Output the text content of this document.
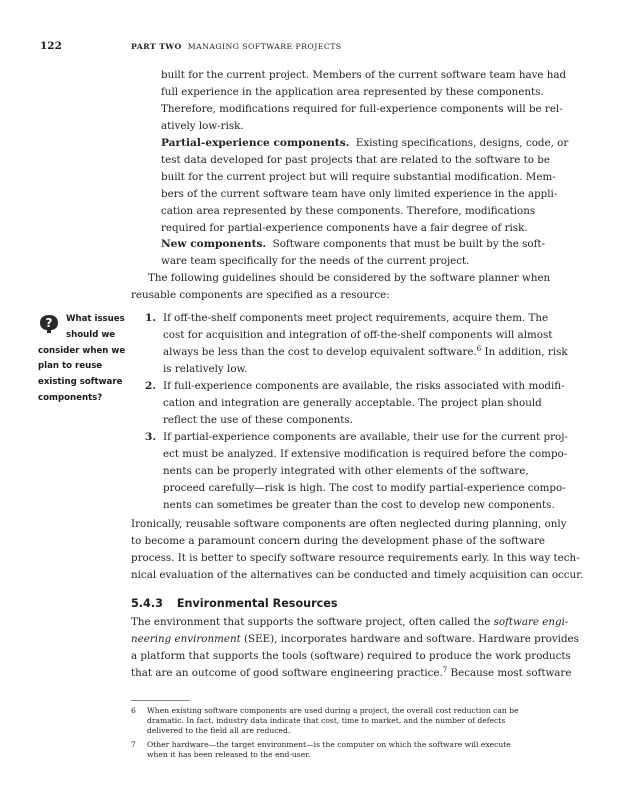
122	PART TWO MANAGING SOFTWARE PROJECTS
built for the current project. Members of the current software team have had
full experience in the application area represented by these components.
Therefore, modifications required for full-experience components will be rel-
atively low-risk.
Partial-experience components. Existing specifications, designs, code, or
test data developed for past projects that are related to the software to be
built for the current project but will require substantial modification. Mem-
bers of the current software team have only limited experience in the appli-
cation area represented by these components. Therefore, modifications
required for partial-experience components have a fair degree of risk.
New components. Software components that must be built by the soft-
ware team specifically for the needs of the current project.
The following guidelines should be considered by the software planner when
reusable components are specified as a resource:
?	What issues
should we
consider when we
plan to reuse
existing software
components?
1. If off-the-shelf components meet project requirements, acquire them. The
cost for acquisition and integration of off-the-shelf components will almost
always be less than the cost to develop equivalent software.$^6$ In addition, risk
is relatively low.
2. If full-experience components are available, the risks associated with modifi-
cation and integration are generally acceptable. The project plan should
reflect the use of these components.
3. If partial-experience components are available, their use for the current proj-
ect must be analyzed. If extensive modification is required before the compo-
nents can be properly integrated with other elements of the software,
proceed carefully—risk is high. The cost to modify partial-experience compo-
nents can sometimes be greater than the cost to develop new components.
Ironically, reusable software components are often neglected during planning, only
to become a paramount concern during the development phase of the software
process. It is better to specify software resource requirements early. In this way tech-
nical evaluation of the alternatives can be conducted and timely acquisition can occur.
5.4.3 Environmental Resources
The environment that supports the software project, often called the software engi-
neering environment (SEE), incorporates hardware and software. Hardware provides
a platform that supports the tools (software) required to produce the work products
that are an outcome of good software engineering practice.$^7$ Because most software
6 When existing software components are used during a project, the overall cost reduction can be
dramatic. In fact, industry data indicate that cost, time to market, and the number of defects
delivered to the field all are reduced.
7 Other hardware—the target environment—is the computer on which the software will execute
when it has been released to the end-user.
